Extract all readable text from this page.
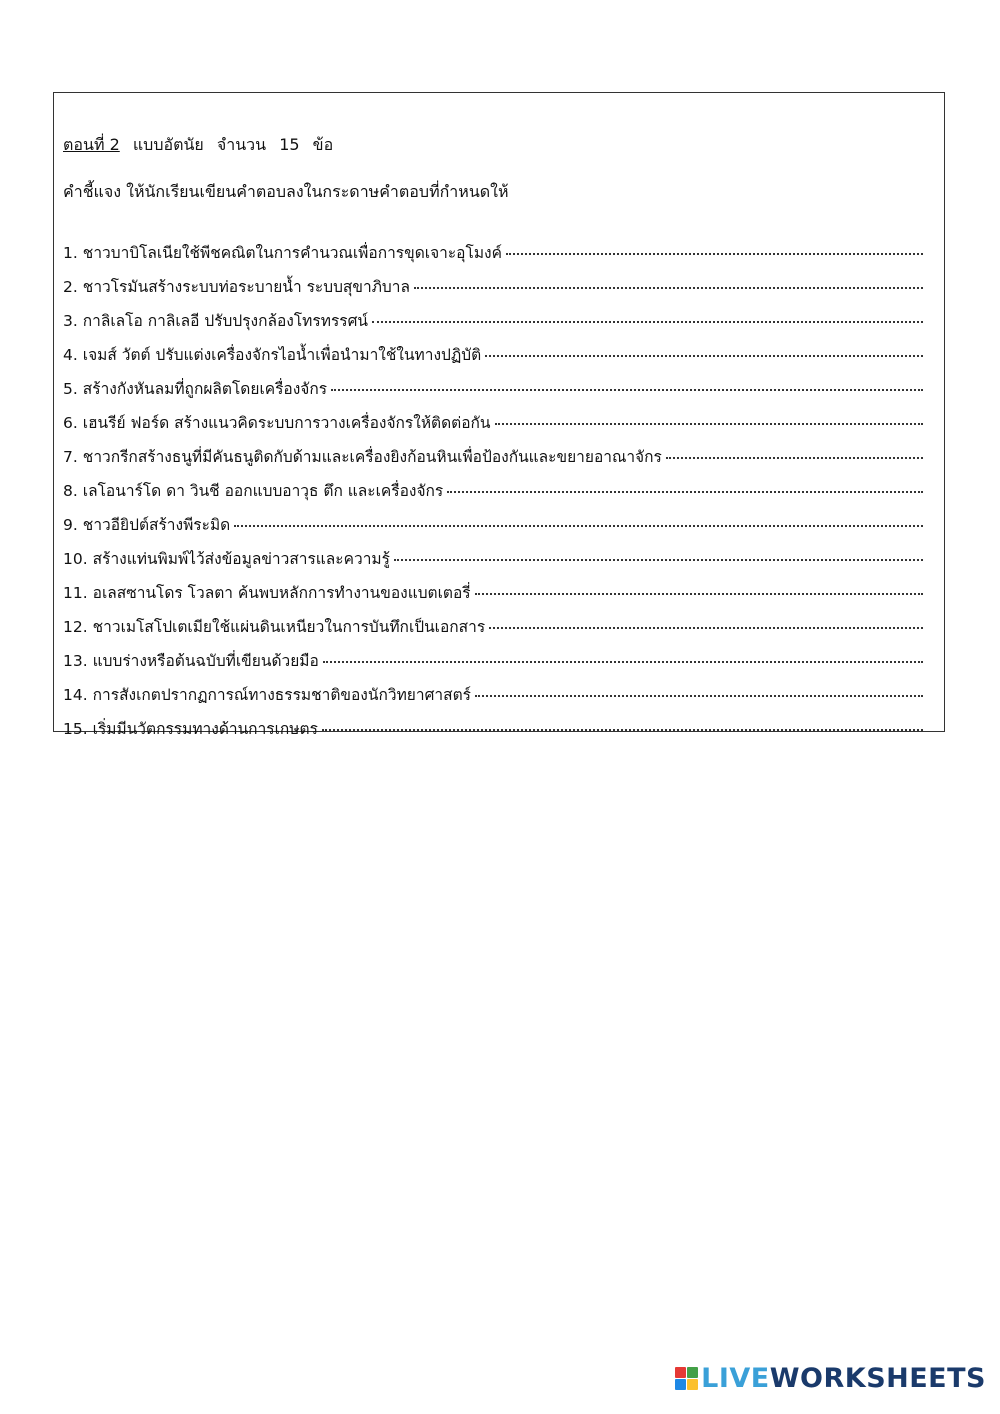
ตอนที่ 2 แบบอัตนัย จำนวน 15 ข้อ
คำชี้แจง ให้นักเรียนเขียนคำตอบลงในกระดาษคำตอบที่กำหนดให้
1. ชาวบาบิโลเนียใช้พีชคณิตในการคำนวณเพื่อการขุดเจาะอุโมงค์
2. ชาวโรมันสร้างระบบท่อระบายน้ำ ระบบสุขาภิบาล
3. กาลิเลโอ กาลิเลอี ปรับปรุงกล้องโทรทรรศน์
4. เจมส์ วัตต์ ปรับแต่งเครื่องจักรไอน้ำเพื่อนำมาใช้ในทางปฏิบัติ
5. สร้างกังหันลมที่ถูกผลิตโดยเครื่องจักร
6. เฮนรีย์ ฟอร์ด สร้างแนวคิดระบบการวางเครื่องจักรให้ติดต่อกัน
7. ชาวกรีกสร้างธนูที่มีคันธนูติดกับด้ามและเครื่องยิงก้อนหินเพื่อป้องกันและขยายอาณาจักร
8. เลโอนาร์โด ดา วินชี ออกแบบอาวุธ ตึก และเครื่องจักร
9. ชาวอียิปต์สร้างพีระมิด
10. สร้างแท่นพิมพ์ไว้ส่งข้อมูลข่าวสารและความรู้
11. อเลสซานโดร โวลตา ค้นพบหลักการทำงานของแบตเตอรี่
12. ชาวเมโสโปเตเมียใช้แผ่นดินเหนียวในการบันทึกเป็นเอกสาร
13. แบบร่างหรือต้นฉบับที่เขียนด้วยมือ
14. การสังเกตปรากฏการณ์ทางธรรมชาติของนักวิทยาศาสตร์
15. เริ่มมีนวัตกรรมทางด้านการเกษตร
LIVEWORKSHEETS
